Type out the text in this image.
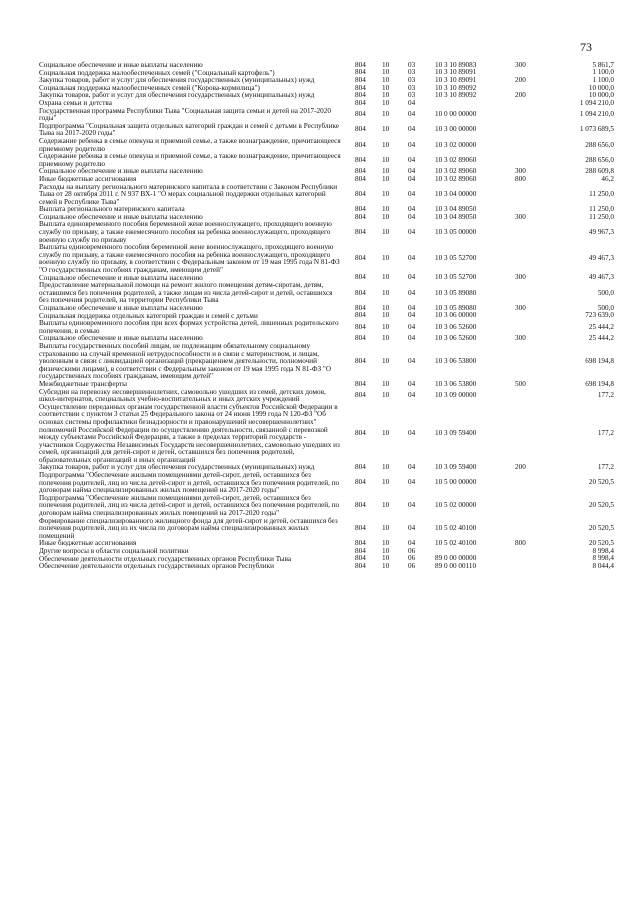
73
Социальное обеспечение и иные выплаты населению	804 10	03	10 3 10 89083	300	5 861,7
Социальная поддержка малообеспеченных семей ("Социальный картофель")	804 10	03	10 3 10 89091	1 100,0
Закупка товаров, работ и услуг для обеспечения государственных (муниципальных) нужд	804 10	03	10 3 10 89091	200	1 100,0
Социальная поддержка малообеспеченных семей ("Корова-кормилица")	804 10	03	10 3 10 89092	10 000,0
Закупка товаров, работ и услуг для обеспечения государственных (муниципальных) нужд	804 10	03	10 3 10 89092	200	10 000,0
Охрана семьи и детства	804 10	04	1 094 210,0
Государственная программа Республики Тыва "Социальная защита семьи и детей на 2017-2020 годы"	804 10	04	10 0 00 00000	1 094 210,0
Подпрограмма "Социальная защита отдельных категорий граждан и семей с детьми в Республике Тыва на 2017-2020 годы"	804 10	04	10 3 00 00000	1 073 689,5
Содержание ребенка в семье опекуна и приемной семье, а также вознаграждение, причитающееся приемному родителю	804 10	04	10 3 02 00000	288 656,0
Содержание ребенка в семье опекуна и приемной семье, а также вознаграждение, причитающееся приемному родителю	804 10	04	10 3 02 89060	288 656,0
Социальное обеспечение и иные выплаты населению	804 10	04	10 3 02 89060	300	288 609,8
Иные бюджетные ассигнования	804 10	04	10 3 02 89060	800	46,2
Расходы на выплату регионального материнского капитала в соответствии с Законом Республики Тыва от 28 октября 2011 г. N 937 ВХ-1 "О мерах социальной поддержки отдельных категорий семей в Республике Тыва"
804 10	04	10 3 04 00000	11 250,0
Выплата регионального материнского капитала	804 10	04	10 3 04 89050	11 250,0
Социальное обеспечение и иные выплаты населению	804 10	04	10 3 04 89050	300	11 250,0
Выплата единовременного пособия беременной жене военнослужащего, проходящего военную службу по призыву, а также ежемесячного пособия на ребенка военнослужащего, проходящего военную службу по призыву
804 10	04	10 3 05 00000	49 967,3
Выплаты единовременного пособия беременной жене военнослужащего, проходящего военную службу по призыву, а также ежемесячного пособия на ребенка военнослужащего, проходящего военную службу по призыву, в соответствии с Федеральным законом от 19 мая 1995 года N 81-ФЗ "О государственных пособиях гражданам, имеющим детей"
804 10	04	10 3 05 52700	49 467,3
Социальное обеспечение и иные выплаты населению	804 10	04	10 3 05 52700	300	49 467,3
Предоставление материальной помощи на ремонт жилого помещения детям-сиротам, детям, оставшимся без попечения родителей, а также лицам из числа детей-сирот и детей, оставшихся без попечения родителей, на территории Республики Тыва
804 10	04	10 3 05 89080	500,0
Социальное обеспечение и иные выплаты населению	804 10	04	10 3 05 89080	300	500,0
Социальная поддержка отдельных категорий граждан и семей с детьми	804 10	04	10 3 06 00000	723 639,0
Выплаты единовременного пособия при всех формах устройства детей, лишенных родительского попечения, в семью	804 10	04	10 3 06 52600	25 444,2
Социальное обеспечение и иные выплаты населению	804 10	04	10 3 06 52600	300	25 444,2
Выплаты государственных пособий лицам, не подлежащим обязательному социальному страхованию на случай временной нетрудоспособности и в связи с материнством, и лицам, уволенным в связи с ликвидацией организаций (прекращением деятельности, полномочий физическими лицами), в соответствии с Федеральным законом от 19 мая 1995 года N 81-ФЗ "О государственных пособиях гражданам, имеющим детей"
804 10	04	10 3 06 53800	698 194,8
Межбюджетные трансферты	804 10	04	10 3 06 53800	500	698 194,8
Субсидии на перевозку несовершеннолетних, самовольно ушедших из семей, детских домов, школ-интернатов, специальных учебно-воспитательных и иных детских учреждений	804 10	04	10 3 09 00000	177,2
Осуществление переданных органам государственной власти субъектов Российской Федерации в соответствии с пунктом 3 статьи 25 Федерального закона от 24 июня 1999 года N 120-ФЗ "Об основах системы профилактики безнадзорности и правонарушений несовершеннолетних" полномочий Российской Федерации по осуществлению деятельности, связанной с перевозкой между субъектами Российской Федерации, а также в пределах территорий государств - участников Содружества Независимых Государств несовершеннолетних, самовольно ушедших из семей, организаций для детей-сирот и детей, оставшихся без попечения родителей, образовательных организаций и иных организаций
804 10	04	10 3 09 59400	177,2
Закупка товаров, работ и услуг для обеспечения государственных (муниципальных) нужд	804 10	04	10 3 09 59400	200	177,2
Подпрограмма "Обеспечение жилыми помещениями детей-сирот, детей, оставшихся без попечения родителей, лиц из числа детей-сирот и детей, оставшихся без попечения родителей, по договорам найма специализированных жилых помещений на 2017-2020 годы"
804 10	04	10 5 00 00000	20 520,5
Подпрограмма "Обеспечение жилыми помещениями детей-сирот, детей, оставшихся без попечения родителей, лиц из числа детей-сирот и детей, оставшихся без попечения родителей, по договорам найма специализированных жилых помещений на 2017-2020 годы"
804 10	04	10 5 02 00000	20 520,5
Формирование специализированного жилищного фонда для детей-сирот и детей, оставшихся без попечения родителей, лиц из их числа по договорам найма специализированных жилых помещений
804 10	04	10 5 02 40100	20 520,5
Иные бюджетные ассигнования	804 10	04	10 5 02 40100	800	20 520,5
Другие вопросы в области социальной политики	804 10	06	8 998,4
Обеспечение деятельности отдельных государственных органов Республики Тыва	804 10	06	89 0 00 00000	8 998,4
Обеспечение деятельности отдельных государственных органов Республики	804 10	06	89 0 00 00110	8 044,4
